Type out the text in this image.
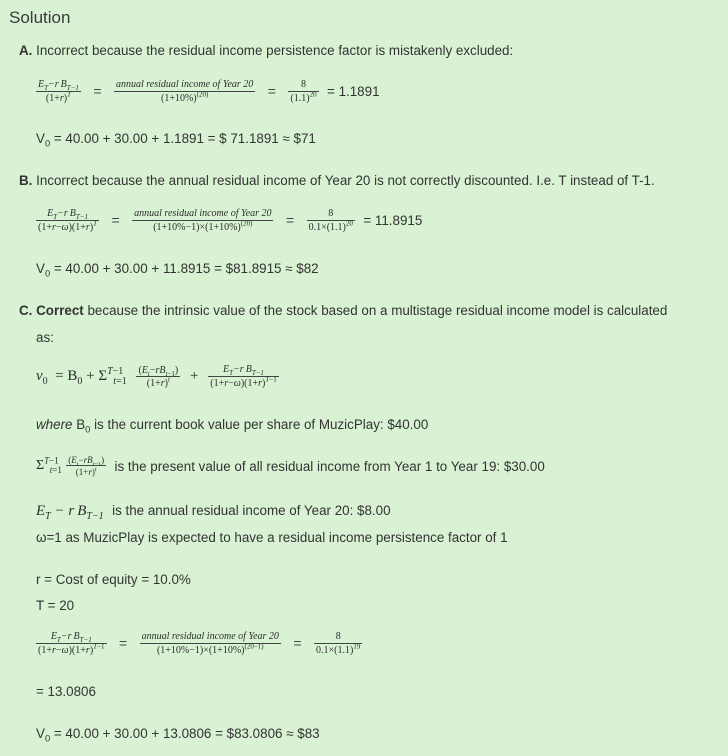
Solution
A. Incorrect because the residual income persistence factor is mistakenly excluded:
$\frac{E_T-r B_{T-1}}{(1+r)^T} = \frac{\text{annual residual income of Year 20}}{(1+10\%)^{(20)}} = \frac{8}{(1.1)^{20}} = 1.1891$
$V_0 = 40.00 + 30.00 + 1.1891$ = $ 71.1891 ≈ $71
B. Incorrect because the annual residual income of Year 20 is not correctly discounted. I.e. T instead of T-1.
$\frac{E_T-r B_{T-1}}{(1+r-\omega)(1+r)^T} = \frac{\text{annual residual income of Year 20}}{(1+10\%-1)\times(1+10\%)^{(20)}} = \frac{8}{0.1\times(1.1)^{20}} = 11.8915$
$V_0 = 40.00 + 30.00 + 11.8915$ = $81.8915 ≈ $82
C. Correct because the intrinsic value of the stock based on a multistage residual income model is calculated
as:
$v_0 = B_0 + \Sigma^{T-1}_{t=1} \frac{(E_t-rB_{t-1})}{(1+r)^t} + \frac{E_T-r B_{T-1}}{(1+r-\omega)(1+r)^{T-1}}$
where $B_0$ is the current book value per share of MuzicPlay: $40.00
$\Sigma^{T-1}_{t=1} \frac{(E_t-rB_{t-1})}{(1+r)^t}$ is the present value of all residual income from Year 1 to Year 19: $30.00
$E_T - r$ $B_{T-1}$ is the annual residual income of Year 20: $8.00
ω=1 as MuzicPlay is expected to have a residual income persistence factor of 1
r = Cost of equity = 10.0%
T = 20
$\frac{E_T-r B_{T-1}}{(1+r-\omega)(1+r)^{T-1}} = \frac{\text{annual residual income of Year 20}}{(1+10\%-1)\times(1+10\%)^{(20-1)}} = \frac{8}{0.1\times(1.1)^{19}}$
= 13.0806
$V_0 = 40.00 + 30.00 + 13.0806$ = $83.0806 ≈ $83
